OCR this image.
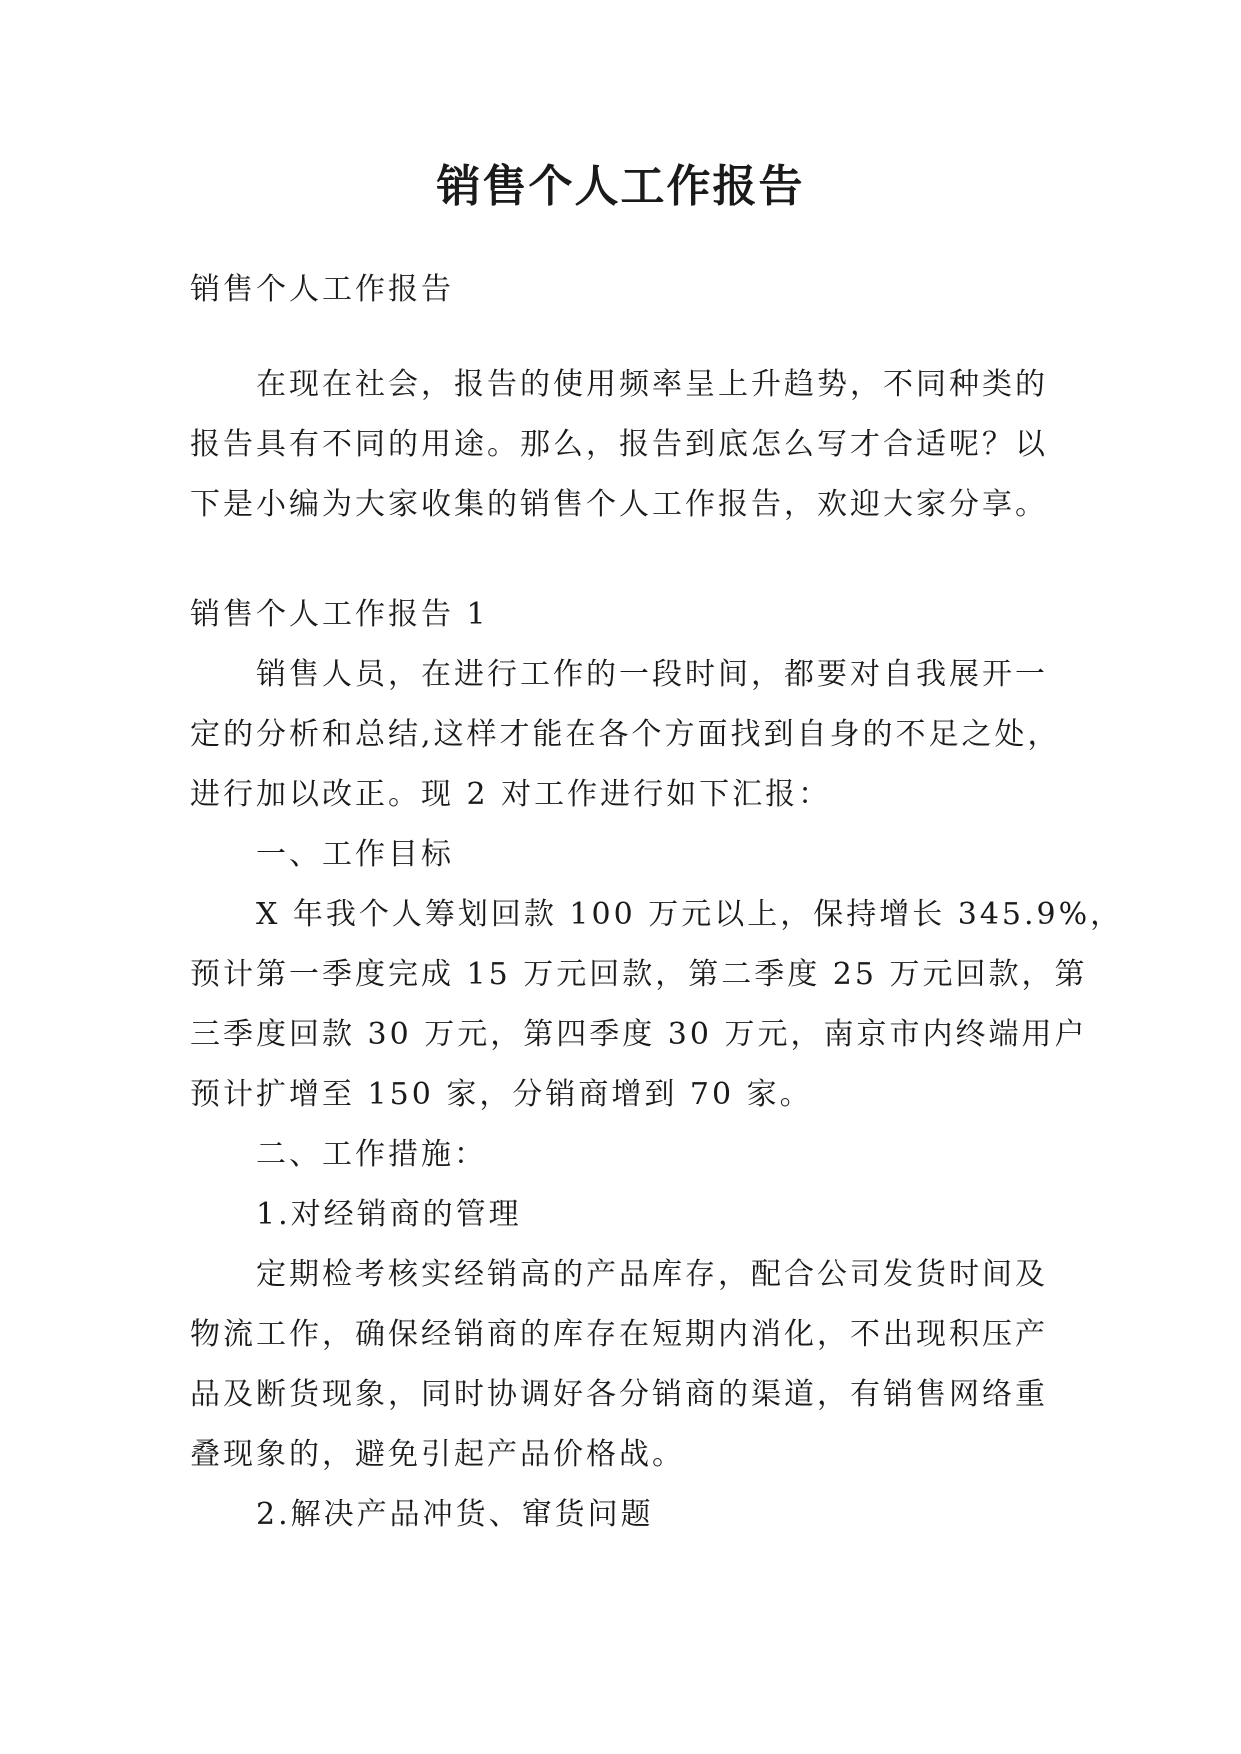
销售个人工作报告
销售个人工作报告
在现在社会，报告的使用频率呈上升趋势，不同种类的
报告具有不同的用途。那么，报告到底怎么写才合适呢？以
下是小编为大家收集的销售个人工作报告，欢迎大家分享。
销售个人工作报告 1
销售人员，在进行工作的一段时间，都要对自我展开一
定的分析和总结,这样才能在各个方面找到自身的不足之处，
进行加以改正。现 2 对工作进行如下汇报：
一、工作目标
X 年我个人筹划回款 100 万元以上，保持增长 345.9%，
预计第一季度完成 15 万元回款，第二季度 25 万元回款，第
三季度回款 30 万元，第四季度 30 万元，南京市内终端用户
预计扩增至 150 家，分销商增到 70 家。
二、工作措施：
1.对经销商的管理
定期检考核实经销高的产品库存，配合公司发货时间及
物流工作，确保经销商的库存在短期内消化，不出现积压产
品及断货现象，同时协调好各分销商的渠道，有销售网络重
叠现象的，避免引起产品价格战。
2.解决产品冲货、窜货问题
